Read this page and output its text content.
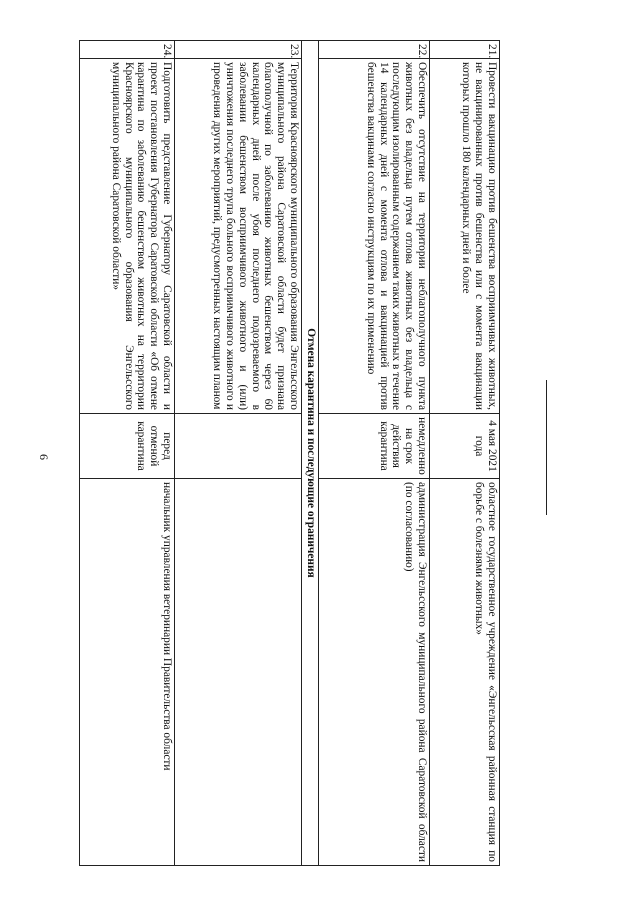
6
21.	Провести вакцинацию против бешенства восприимчивых животных, не вакцинированных против бешенства или с момента вакцинации которых прошло 180 календарных дней и более	4 мая 2021 года	областное государственное учреждение «Энгельсская районная станция по борьбе с болезнями животных»
22.	Обеспечить отсутствие на территории неблагополучного пункта животных без владельца путем отлова животных без владельца с последующим изолированным содержанием таких животных в течение 14 календарных дней с момента отлова и вакцинацией против бешенства вакцинами согласно инструкциям по их применению	немедленно на срок действия карантина	администрация Энгельсского муниципального района Саратовской области (по согласованию)
Отмена карантина и последующие ограничения			
23.	Территория Красноярского муниципального образования Энгельсского муниципального района Саратовской области будет признана благополучной по заболеванию животных бешенством через 60 календарных дней после убоя последнего подозреваемого в заболевании бешенством восприимчивого животного и (или) уничтожения последнего трупа больного восприимчивого животного и проведения других мероприятий, предусмотренных настоящим планом		
24.	Подготовить представление Губернатору Саратовской области и проект постановления Губернатора Саратовской области «Об отмене карантина по заболеванию бешенством животных на территории Красноярского муниципального образования Энгельсского муниципального района Саратовской области»	перед отменой карантина	начальник управления ветеринарии Правительства области
